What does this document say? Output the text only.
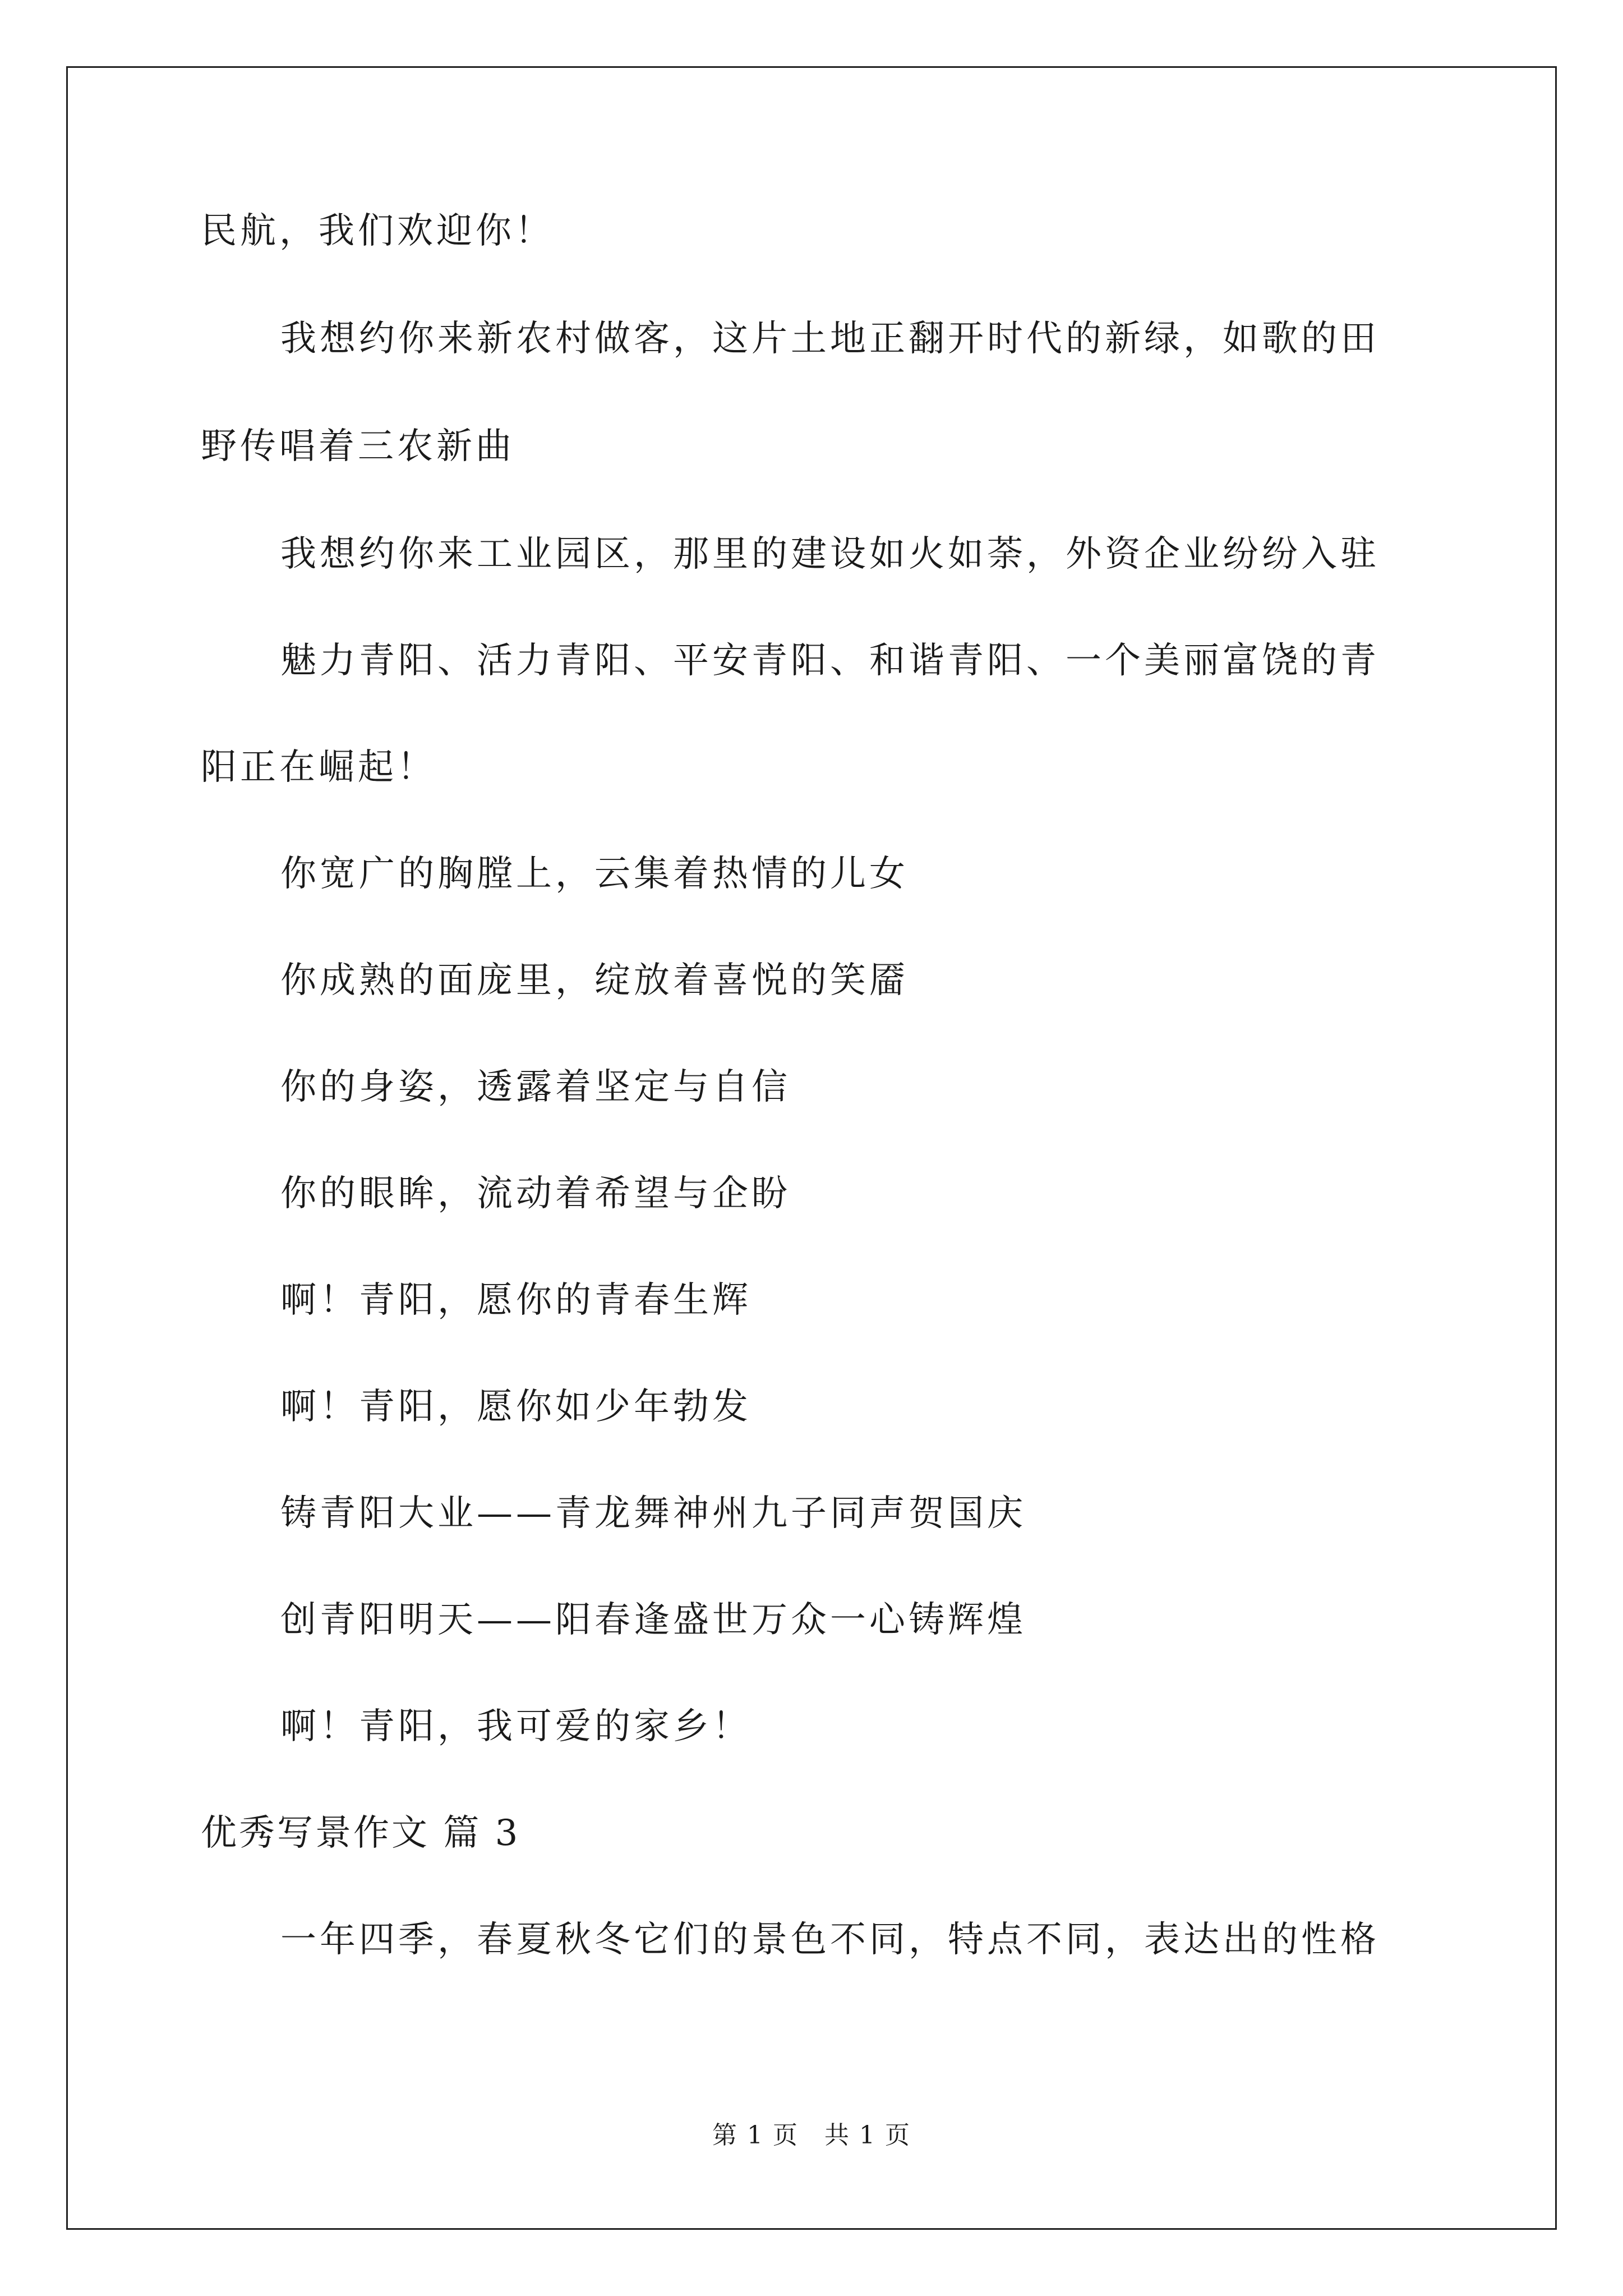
民航，我们欢迎你！
我想约你来新农村做客，这片土地正翻开时代的新绿，如歌的田
野传唱着三农新曲
我想约你来工业园区，那里的建设如火如荼，外资企业纷纷入驻
魅力青阳、活力青阳、平安青阳、和谐青阳、一个美丽富饶的青
阳正在崛起！
你宽广的胸膛上，云集着热情的儿女
你成熟的面庞里，绽放着喜悦的笑靥
你的身姿，透露着坚定与自信
你的眼眸，流动着希望与企盼
啊！青阳，愿你的青春生辉
啊！青阳，愿你如少年勃发
铸青阳大业——青龙舞神州九子同声贺国庆
创青阳明天——阳春逢盛世万众一心铸辉煌
啊！青阳，我可爱的家乡！
优秀写景作文 篇 3
一年四季，春夏秋冬它们的景色不同，特点不同，表达出的性格
第 1 页　共 1 页
